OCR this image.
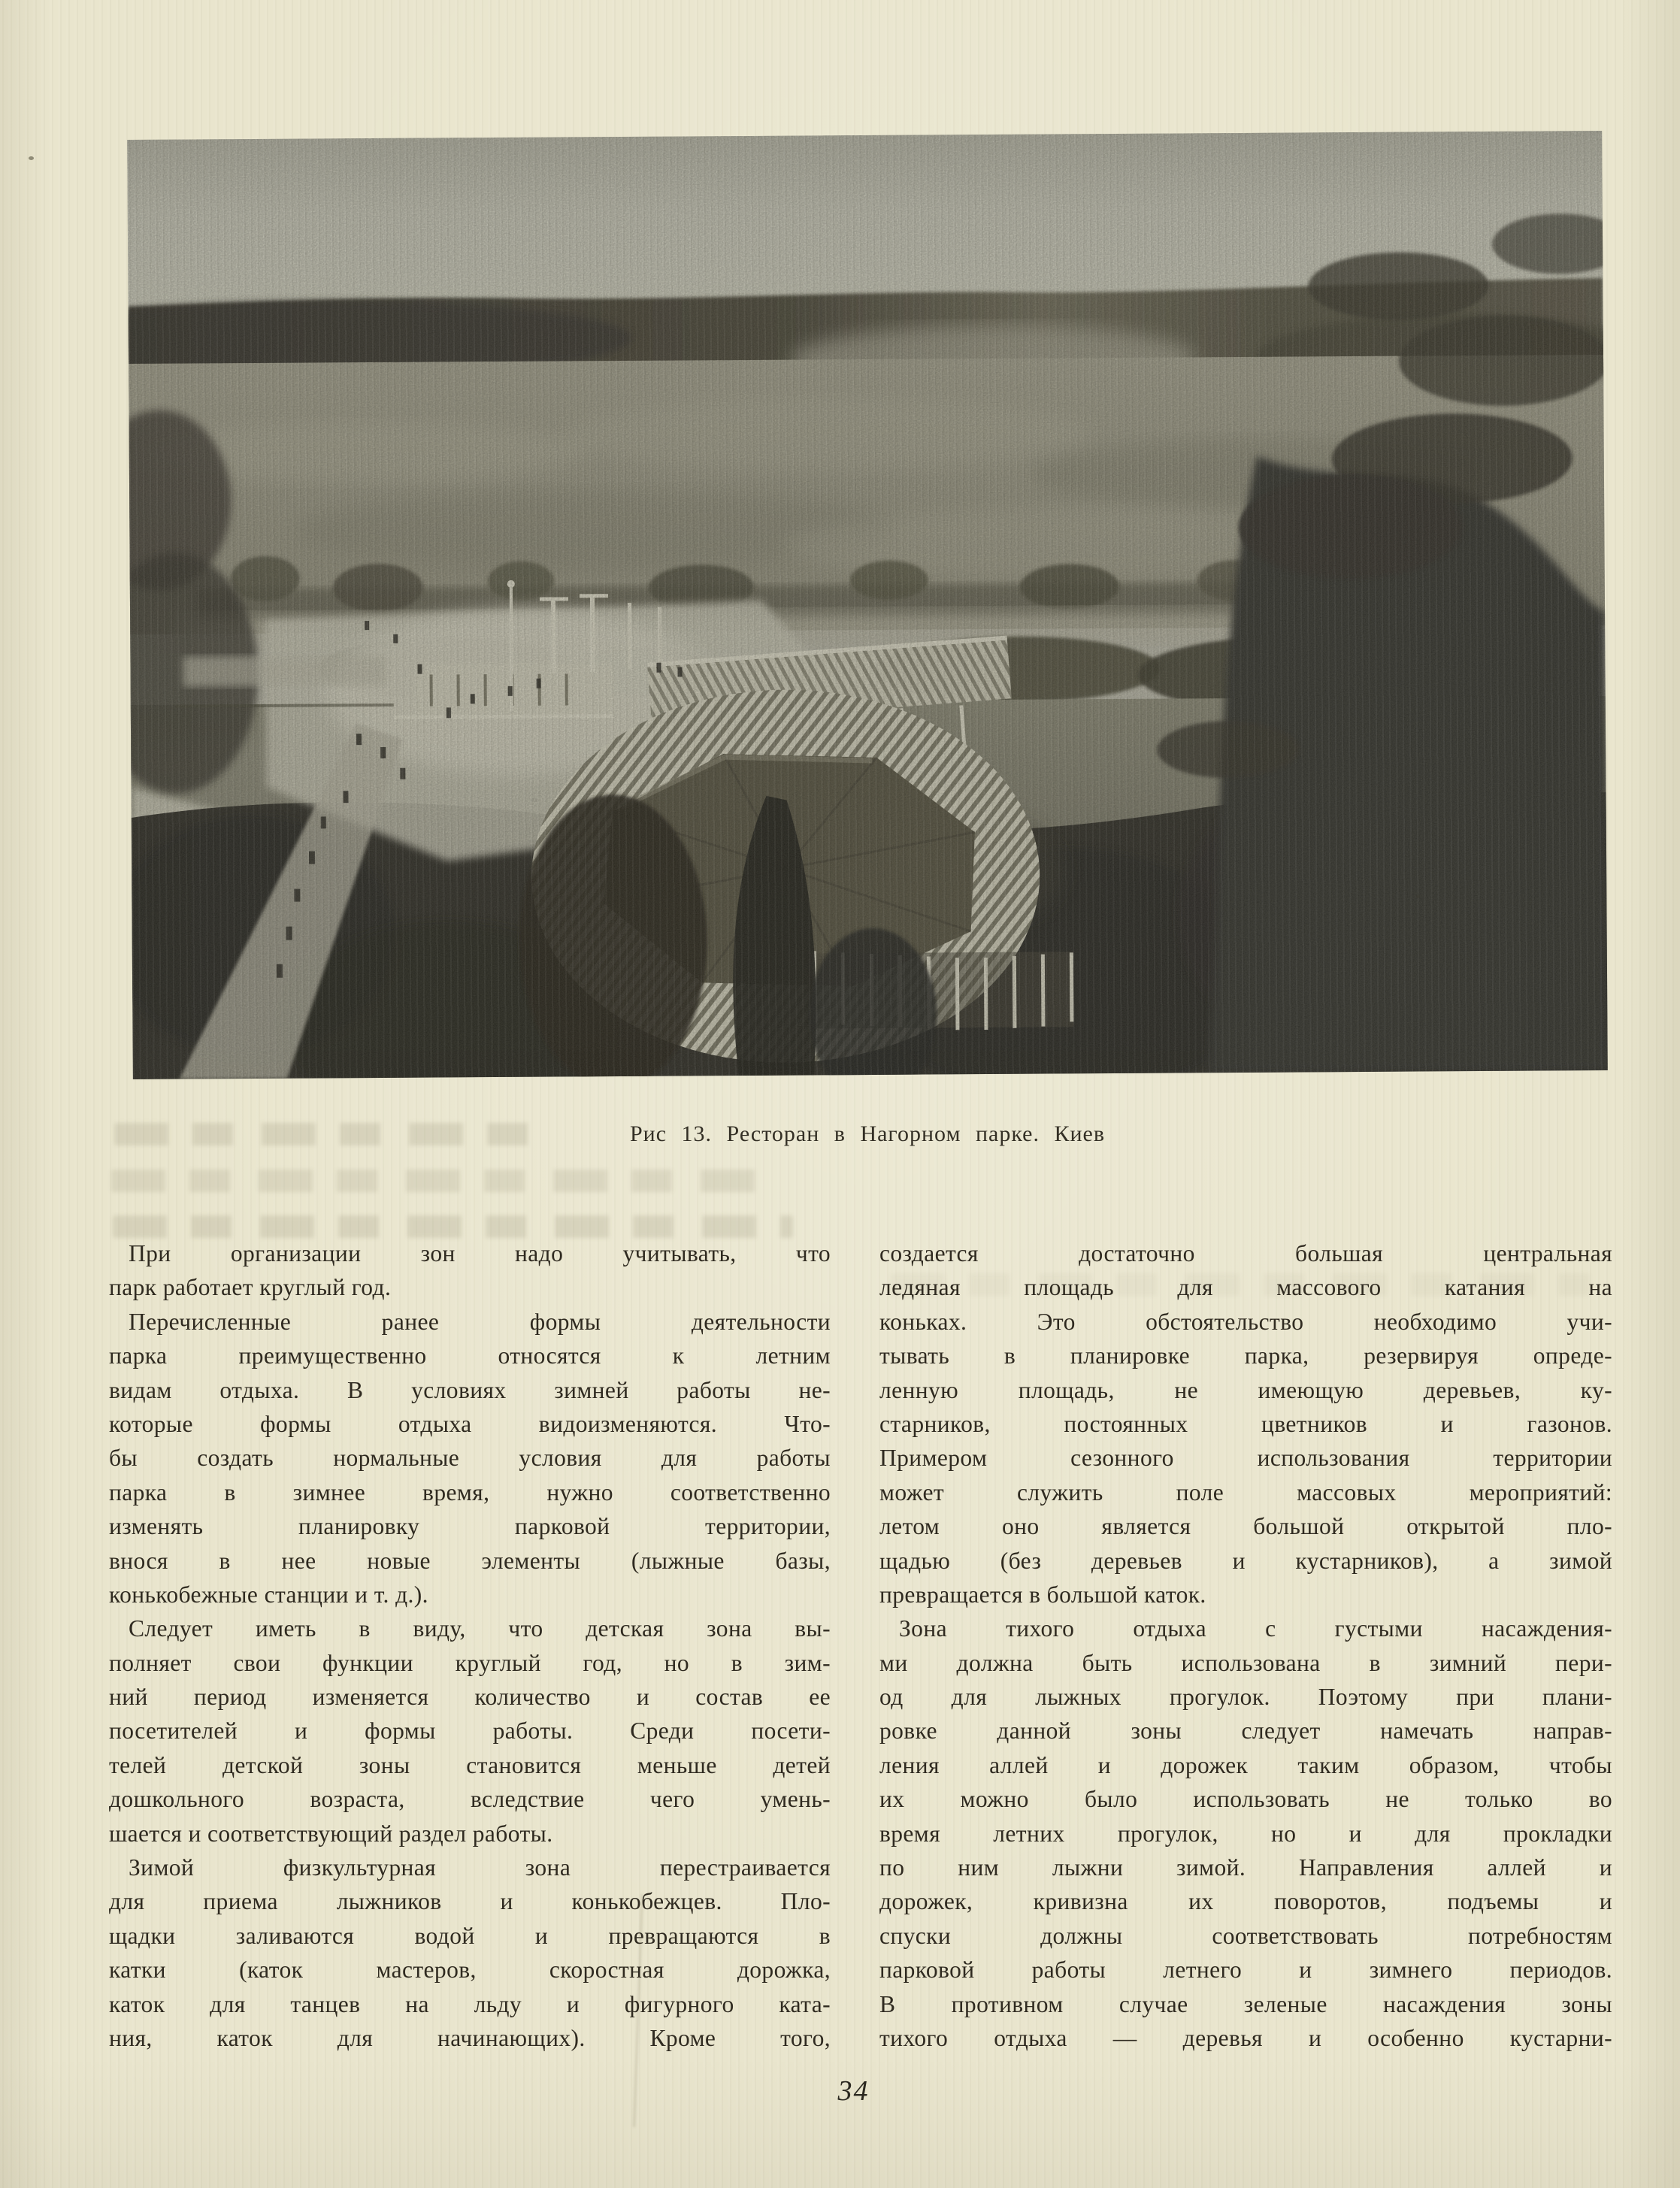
Рис 13. Ресторан в Нагорном парке. Киев
При организации зон надо учитывать, что
парк работает круглый год.
Перечисленные ранее формы деятельности
парка преимущественно относятся к летним
видам отдыха. В условиях зимней работы не-
которые формы отдыха видоизменяются. Что-
бы создать нормальные условия для работы
парка в зимнее время, нужно соответственно
изменять планировку парковой территории,
внося в нее новые элементы (лыжные базы,
конькобежные станции и т. д.).
Следует иметь в виду, что детская зона вы-
полняет свои функции круглый год, но в зим-
ний период изменяется количество и состав ее
посетителей и формы работы. Среди посети-
телей детской зоны становится меньше детей
дошкольного возраста, вследствие чего умень-
шается и соответствующий раздел работы.
Зимой физкультурная зона перестраивается
для приема лыжников и конькобежцев. Пло-
щадки заливаются водой и превращаются в
катки (каток мастеров, скоростная дорожка,
каток для танцев на льду и фигурного ката-
ния, каток для начинающих). Кроме того,
создается достаточно большая центральная
ледяная площадь для массового катания на
коньках. Это обстоятельство необходимо учи-
тывать в планировке парка, резервируя опреде-
ленную площадь, не имеющую деревьев, ку-
старников, постоянных цветников и газонов.
Примером сезонного использования территории
может служить поле массовых мероприятий:
летом оно является большой открытой пло-
щадью (без деревьев и кустарников), а зимой
превращается в большой каток.
Зона тихого отдыха с густыми насаждения-
ми должна быть использована в зимний пери-
од для лыжных прогулок. Поэтому при плани-
ровке данной зоны следует намечать направ-
ления аллей и дорожек таким образом, чтобы
их можно было использовать не только во
время летних прогулок, но и для прокладки
по ним лыжни зимой. Направления аллей и
дорожек, кривизна их поворотов, подъемы и
спуски должны соответствовать потребностям
парковой работы летнего и зимнего периодов.
В противном случае зеленые насаждения зоны
тихого отдыха — деревья и особенно кустарни-
34
